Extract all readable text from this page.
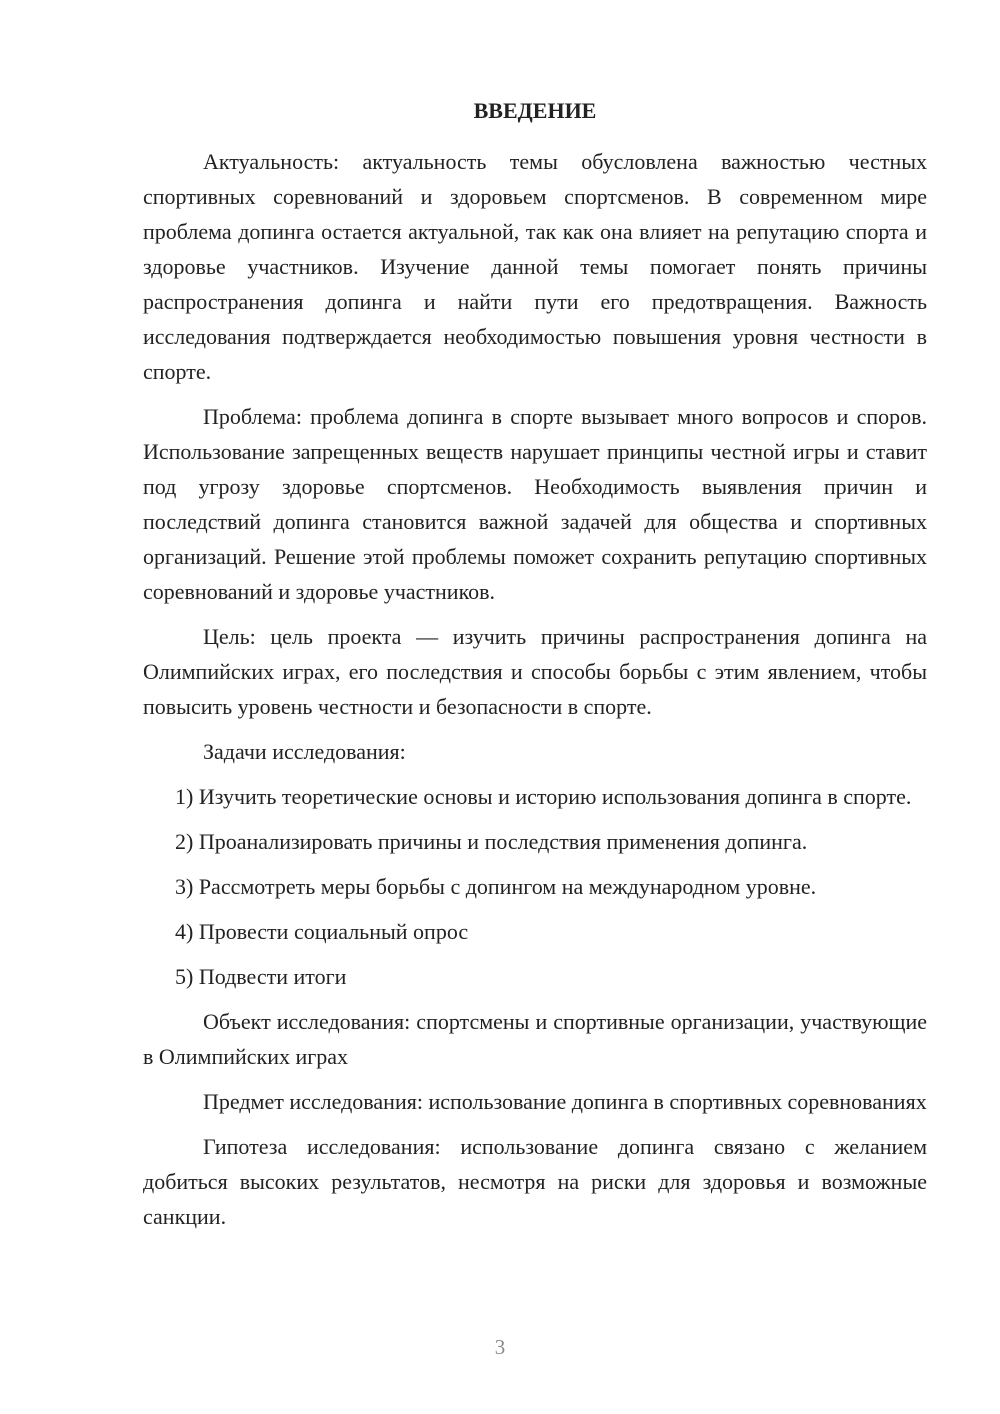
ВВЕДЕНИЕ

Актуальность: актуальность темы обусловлена важностью честных спортивных соревнований и здоровьем спортсменов. В современном мире проблема допинга остается актуальной, так как она влияет на репутацию спорта и здоровье участников. Изучение данной темы помогает понять причины распространения допинга и найти пути его предотвращения. Важность исследования подтверждается необходимостью повышения уровня честности в спорте.

Проблема: проблема допинга в спорте вызывает много вопросов и споров. Использование запрещенных веществ нарушает принципы честной игры и ставит под угрозу здоровье спортсменов. Необходимость выявления причин и последствий допинга становится важной задачей для общества и спортивных организаций. Решение этой проблемы поможет сохранить репутацию спортивных соревнований и здоровье участников.

Цель: цель проекта — изучить причины распространения допинга на Олимпийских играх, его последствия и способы борьбы с этим явлением, чтобы повысить уровень честности и безопасности в спорте.

Задачи исследования:

1) Изучить теоретические основы и историю использования допинга в спорте.

2) Проанализировать причины и последствия применения допинга.

3) Рассмотреть меры борьбы с допингом на международном уровне.

4) Провести социальный опрос

5) Подвести итоги

Объект исследования: спортсмены и спортивные организации, участвующие в Олимпийских играх

Предмет исследования: использование допинга в спортивных соревнованиях

Гипотеза исследования: использование допинга связано с желанием добиться высоких результатов, несмотря на риски для здоровья и возможные санкции.

3
